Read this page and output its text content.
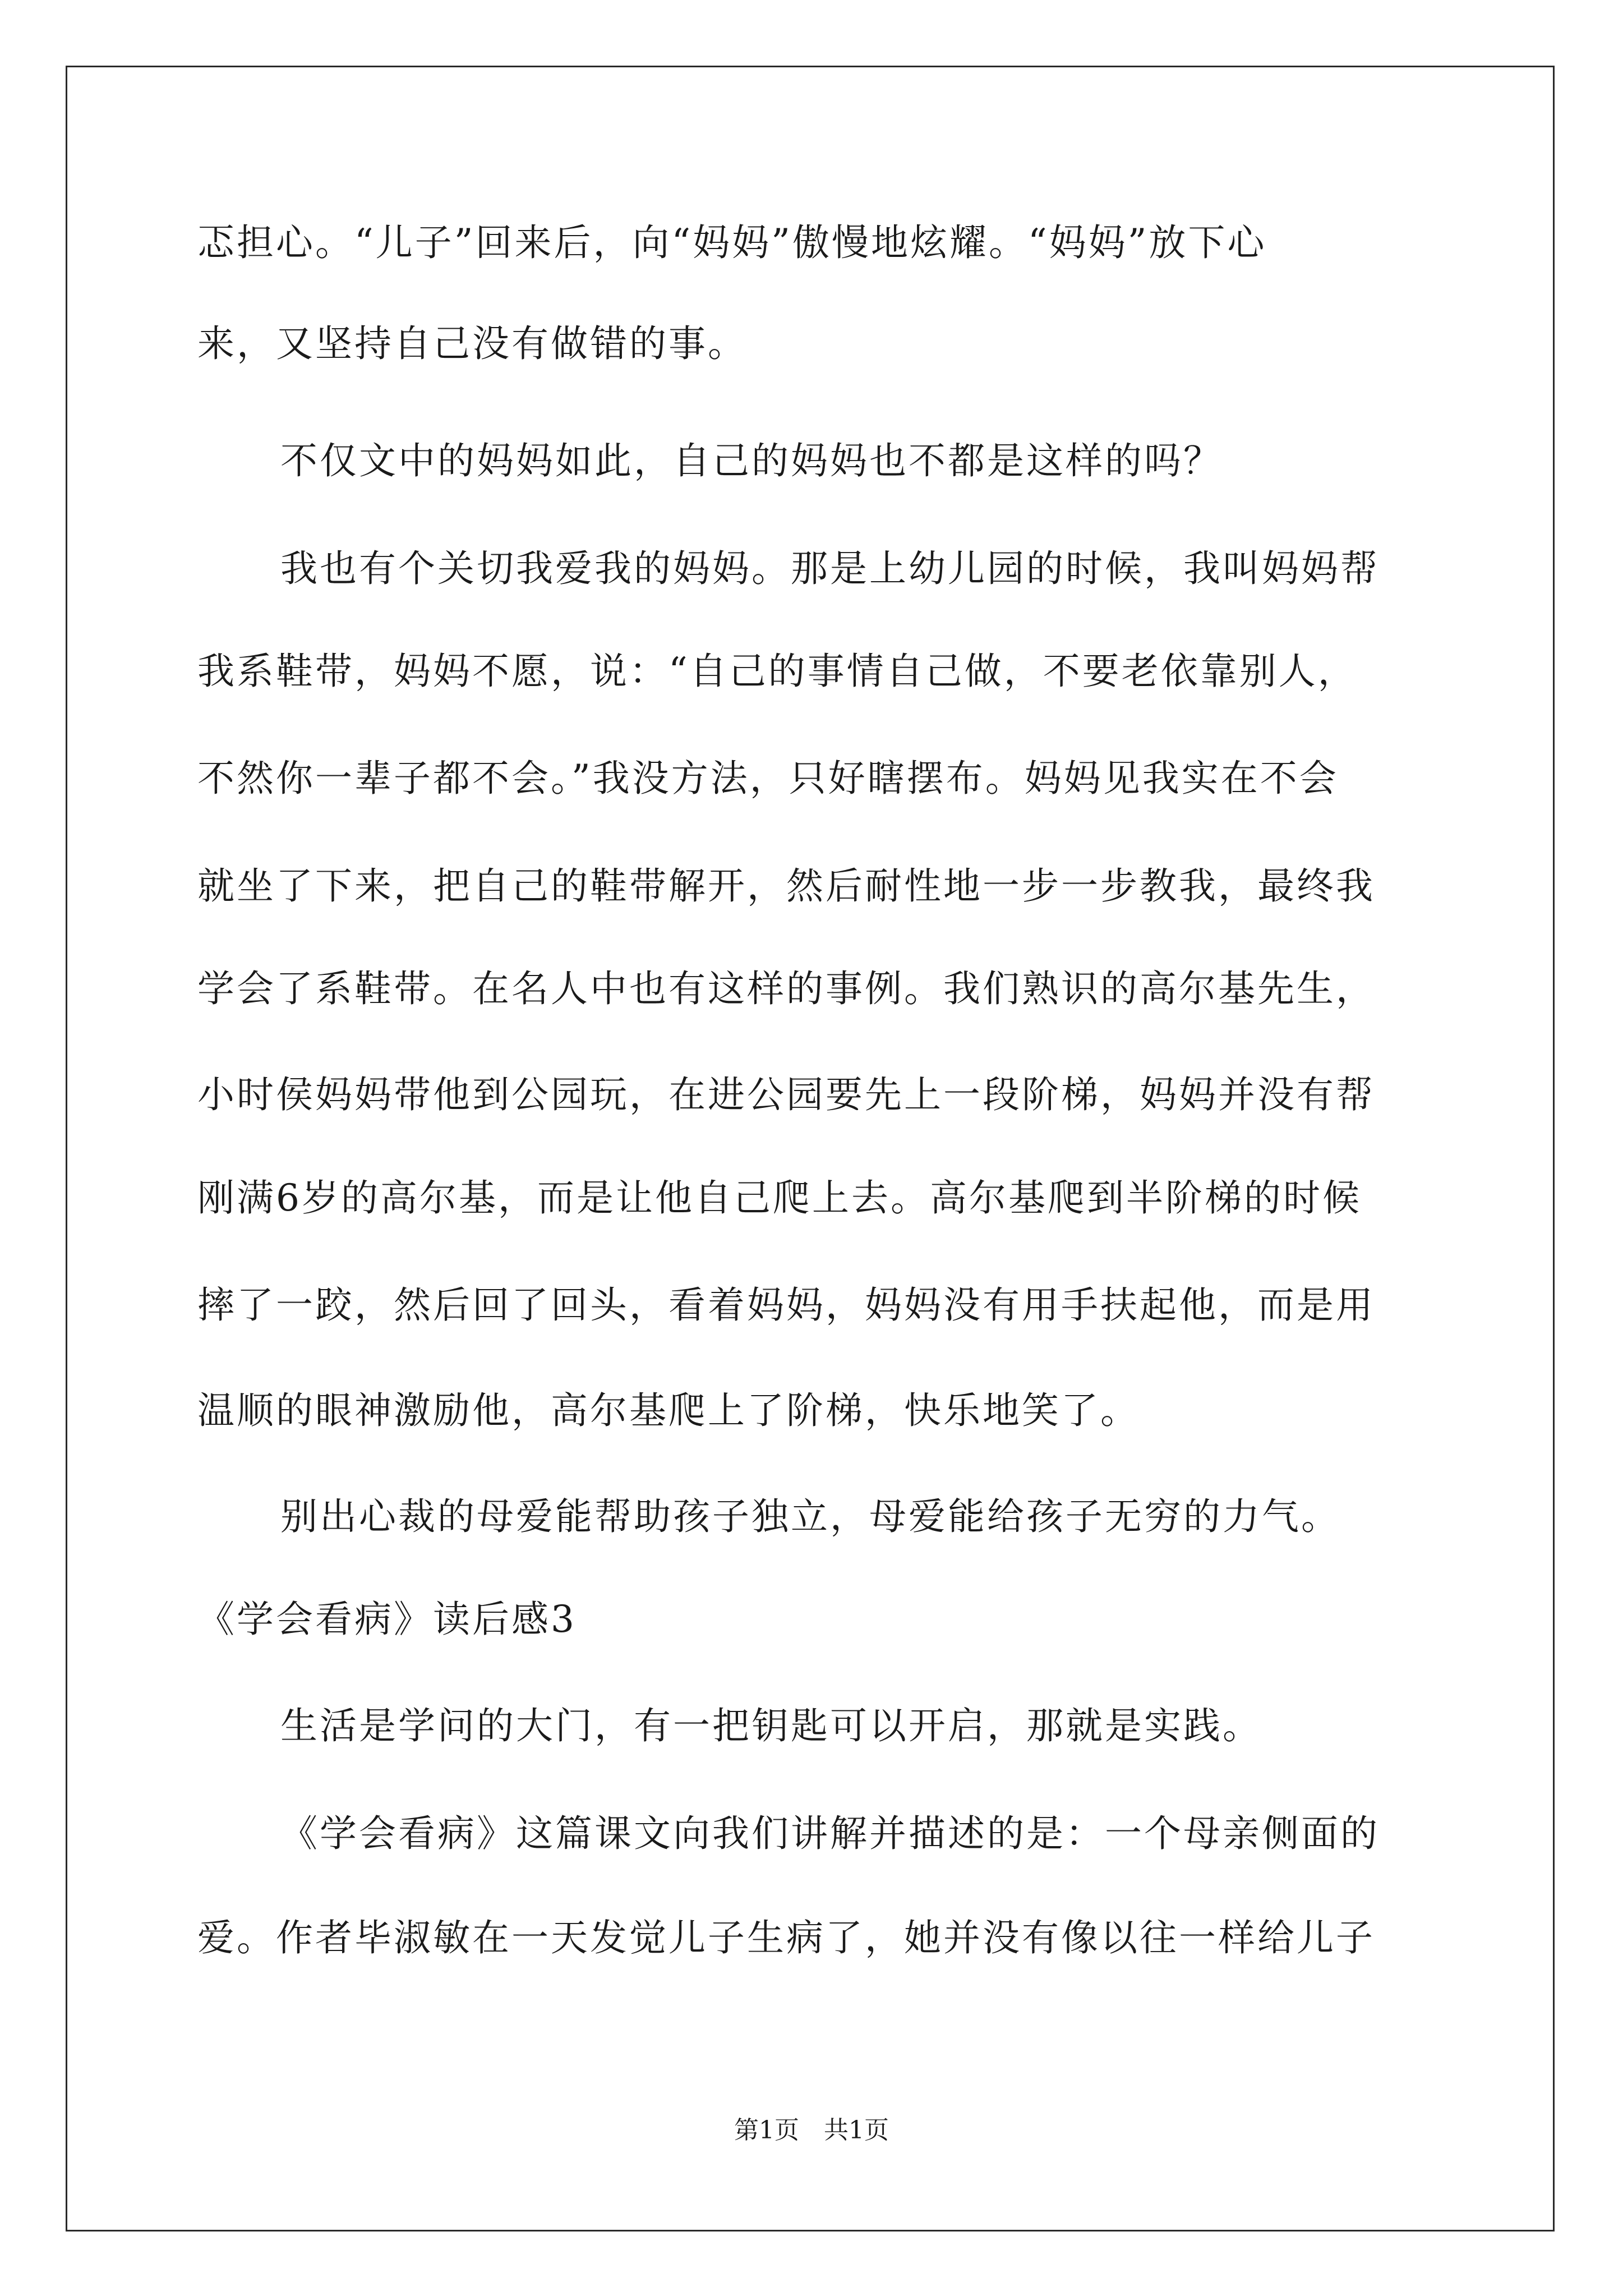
忑担心。“儿子”回来后，向“妈妈”傲慢地炫耀。“妈妈”放下心
来，又坚持自己没有做错的事。
不仅文中的妈妈如此，自己的妈妈也不都是这样的吗？
我也有个关切我爱我的妈妈。那是上幼儿园的时候，我叫妈妈帮
我系鞋带，妈妈不愿，说：“自己的事情自己做，不要老依靠别人，
不然你一辈子都不会。”我没方法，只好瞎摆布。妈妈见我实在不会
就坐了下来，把自己的鞋带解开，然后耐性地一步一步教我，最终我
学会了系鞋带。在名人中也有这样的事例。我们熟识的高尔基先生，
小时侯妈妈带他到公园玩，在进公园要先上一段阶梯，妈妈并没有帮
刚满6岁的高尔基，而是让他自己爬上去。高尔基爬到半阶梯的时候
摔了一跤，然后回了回头，看着妈妈，妈妈没有用手扶起他，而是用
温顺的眼神激励他，高尔基爬上了阶梯，快乐地笑了。
别出心裁的母爱能帮助孩子独立，母爱能给孩子无穷的力气。
《学会看病》读后感3
生活是学问的大门，有一把钥匙可以开启，那就是实践。
《学会看病》这篇课文向我们讲解并描述的是：一个母亲侧面的
爱。作者毕淑敏在一天发觉儿子生病了，她并没有像以往一样给儿子
第1页　共1页
